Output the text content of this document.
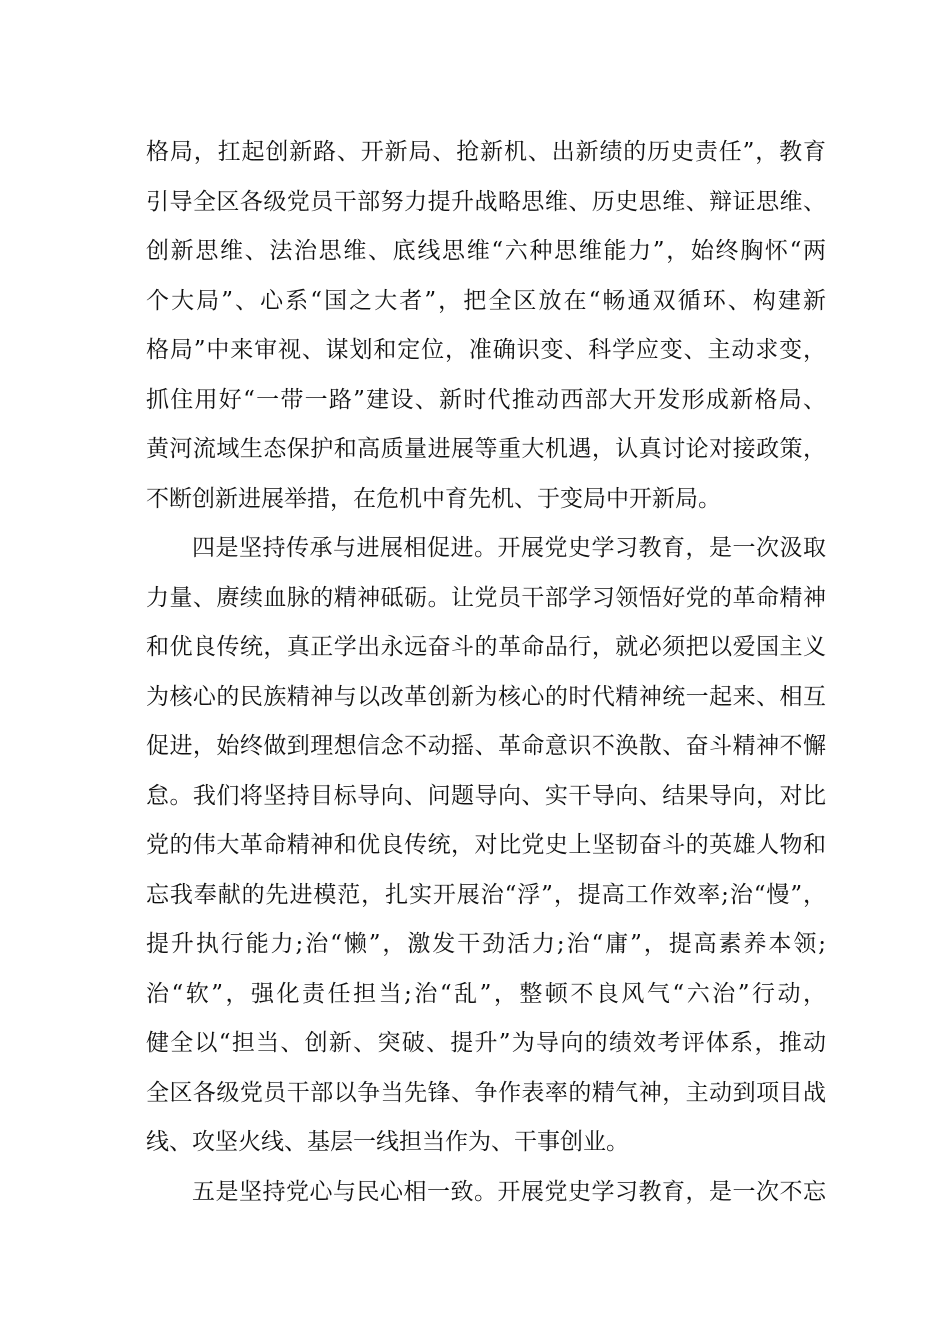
格局，扛起创新路、开新局、抢新机、出新绩的历史责任”，教育
引导全区各级党员干部努力提升战略思维、历史思维、辩证思维、
创新思维、法治思维、底线思维“六种思维能力”，始终胸怀“两
个大局”、心系“国之大者”，把全区放在“畅通双循环、构建新
格局”中来审视、谋划和定位，准确识变、科学应变、主动求变，
抓住用好“一带一路”建设、新时代推动西部大开发形成新格局、
黄河流域生态保护和高质量进展等重大机遇，认真讨论对接政策，
不断创新进展举措，在危机中育先机、于变局中开新局。
四是坚持传承与进展相促进。开展党史学习教育，是一次汲取
力量、赓续血脉的精神砥砺。让党员干部学习领悟好党的革命精神
和优良传统，真正学出永远奋斗的革命品行，就必须把以爱国主义
为核心的民族精神与以改革创新为核心的时代精神统一起来、相互
促进，始终做到理想信念不动摇、革命意识不涣散、奋斗精神不懈
怠。我们将坚持目标导向、问题导向、实干导向、结果导向，对比
党的伟大革命精神和优良传统，对比党史上坚韧奋斗的英雄人物和
忘我奉献的先进模范，扎实开展治“浮”，提高工作效率;治“慢”，
提升执行能力;治“懒”，激发干劲活力;治“庸”，提高素养本领;
治“软”，强化责任担当;治“乱”，整顿不良风气“六治”行动，
健全以“担当、创新、突破、提升”为导向的绩效考评体系，推动
全区各级党员干部以争当先锋、争作表率的精气神，主动到项目战
线、攻坚火线、基层一线担当作为、干事创业。
五是坚持党心与民心相一致。开展党史学习教育，是一次不忘
